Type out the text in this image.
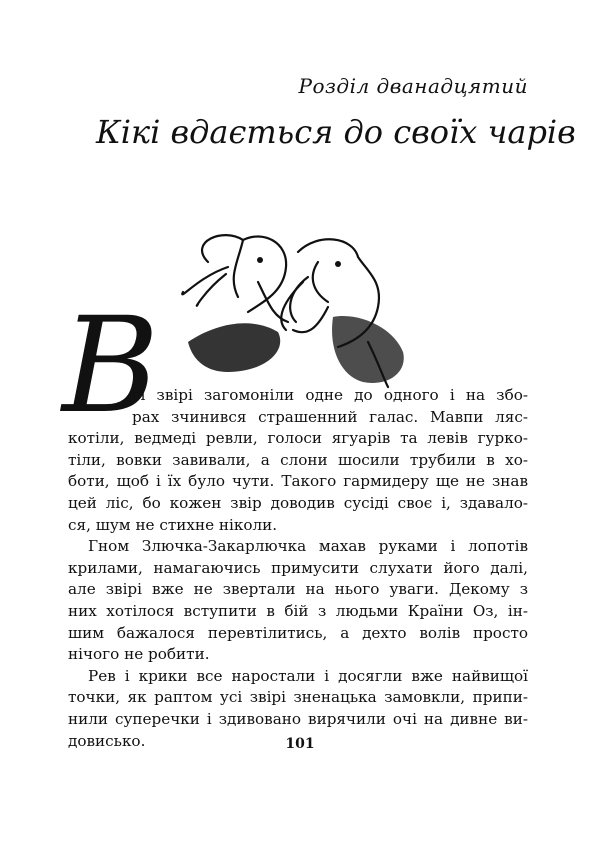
Розділ дванадцятий
Кікі вдається до своїх чарів
В

сі звірі загомоніли одне до одного і на збо-
рах зчинився страшенний галас. Мавпи ляс-
котіли, ведмеді ревли, голоси ягуарів та левів гурко-
тіли, вовки завивали, а слони шосили трубили в хо-
боти, щоб і їх було чути. Такого гармидеру ще не знав
цей ліс, бо кожен звір доводив сусіді своє і, здавало-
ся, шум не стихне ніколи.

Гном Злючка-Закарлючка махав руками і лопотів
крилами, намагаючись примусити слухати його далі,
але звірі вже не звертали на нього уваги. Декому з
них хотілося вступити в бій з людьми Країни Оз, ін-
шим бажалося перевтілитись, а дехто волів просто
нічого не робити.

Рев і крики все наростали і досягли вже найвищої
точки, як раптом усі звірі зненацька замовкли, припи-
нили суперечки і здивовано вирячили очі на дивне ви-
довисько.	101
